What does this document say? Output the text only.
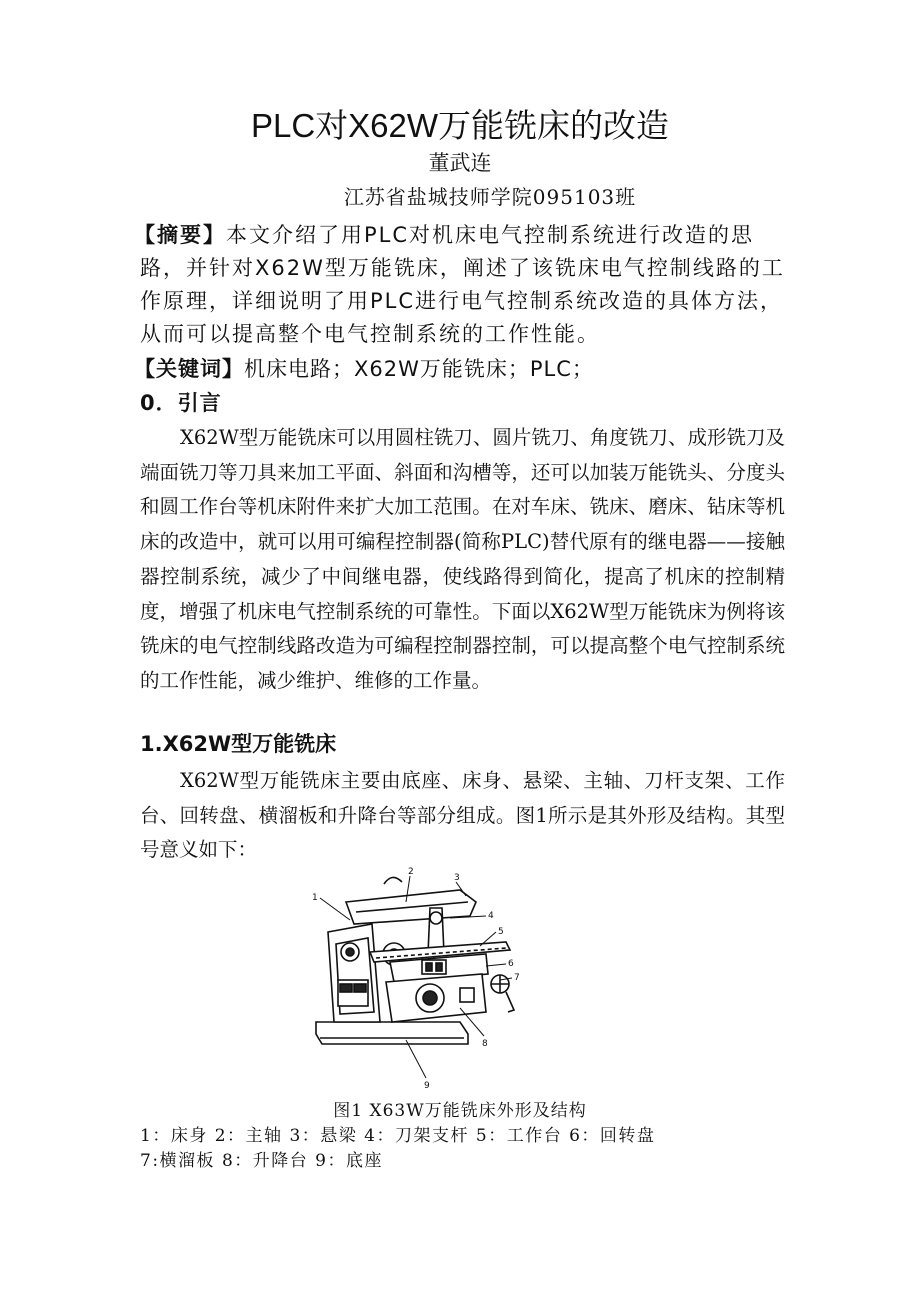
PLC对X62W万能铣床的改造
董武连
江苏省盐城技师学院095103班

【摘要】本文介绍了用PLC对机床电气控制系统进行改造的思路，并针对X62W型万能铣床，阐述了该铣床电气控制线路的工作原理，详细说明了用PLC进行电气控制系统改造的具体方法，从而可以提高整个电气控制系统的工作性能。

【关键词】机床电路；X62W万能铣床；PLC；

0．引言

X62W型万能铣床可以用圆柱铣刀、圆片铣刀、角度铣刀、成形铣刀及端面铣刀等刀具来加工平面、斜面和沟槽等，还可以加装万能铣头、分度头和圆工作台等机床附件来扩大加工范围。在对车床、铣床、磨床、钻床等机床的改造中，就可以用可编程控制器(简称PLC)替代原有的继电器——接触器控制系统，减少了中间继电器，使线路得到简化，提高了机床的控制精度，增强了机床电气控制系统的可靠性。下面以X62W型万能铣床为例将该铣床的电气控制线路改造为可编程控制器控制，可以提高整个电气控制系统的工作性能，减少维护、维修的工作量。

1.X62W型万能铣床

X62W型万能铣床主要由底座、床身、悬梁、主轴、刀杆支架、工作台、回转盘、横溜板和升降台等部分组成。图1所示是其外形及结构。其型号意义如下：

1
2
3
4
5
6
7
8
9

图1 X63W万能铣床外形及结构

1：床身 2：主轴 3：悬梁 4：刀架支杆 5：工作台 6：回转盘
7:横溜板 8：升降台 9：底座
